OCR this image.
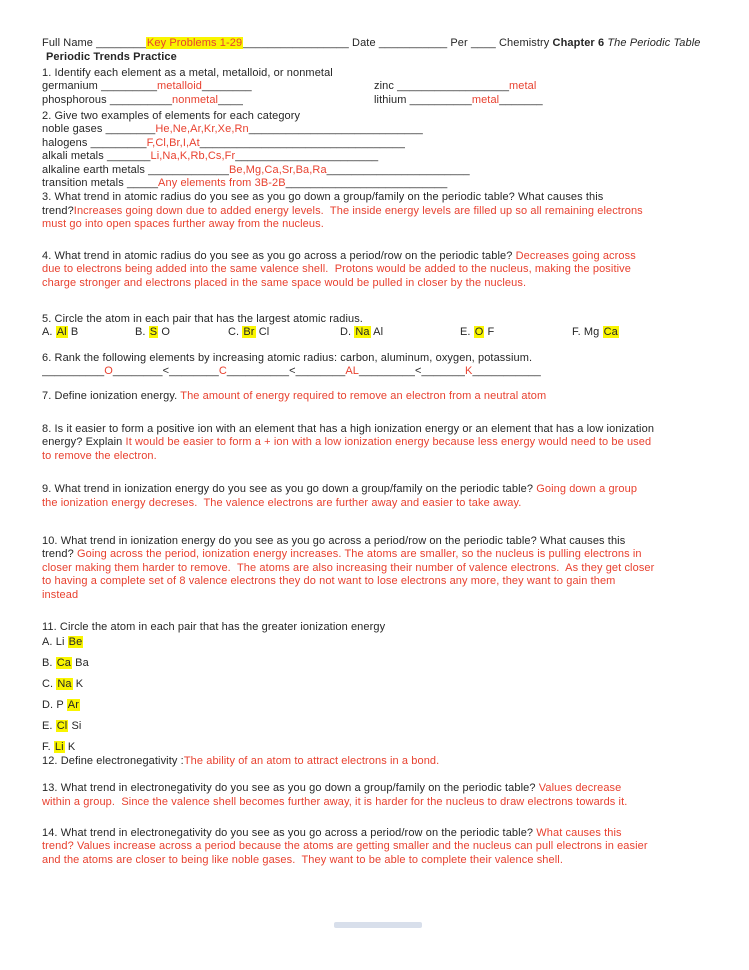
Full Name ________Key Problems 1-29_________________ Date ___________ Per ____ Chemistry Chapter 6 The Periodic Table
Periodic Trends Practice
1. Identify each element as a metal, metalloid, or nonmetal
germanium _________metalloid________	zinc __________________metal
phosphorous __________nonmetal____	lithium __________metal_______
2. Give two examples of elements for each category
noble gases ________He,Ne,Ar,Kr,Xe,Rn____________________________
halogens _________F,Cl,Br,I,At_________________________________
alkali metals _______Li,Na,K,Rb,Cs,Fr_______________________
alkaline earth metals _____________Be,Mg,Ca,Sr,Ba,Ra_______________________
transition metals _____Any elements from 3B-2B__________________________
3. What trend in atomic radius do you see as you go down a group/family on the periodic table? What causes this
trend?Increases going down due to added energy levels.  The inside energy levels are filled up so all remaining electrons
must go into open spaces further away from the nucleus.
4. What trend in atomic radius do you see as you go across a period/row on the periodic table? Decreases going across
due to electrons being added into the same valence shell.  Protons would be added to the nucleus, making the positive
charge stronger and electrons placed in the same space would be pulled in closer by the nucleus.
5. Circle the atom in each pair that has the largest atomic radius.
A. Al B	B. S O	C. Br Cl	D. Na Al	E. O F	F. Mg Ca
6. Rank the following elements by increasing atomic radius: carbon, aluminum, oxygen, potassium.
__________O________<________C__________<________AL_________<_______K___________
7. Define ionization energy. The amount of energy required to remove an electron from a neutral atom
8. Is it easier to form a positive ion with an element that has a high ionization energy or an element that has a low ionization
energy? Explain It would be easier to form a + ion with a low ionization energy because less energy would need to be used
to remove the electron.
9. What trend in ionization energy do you see as you go down a group/family on the periodic table? Going down a group
the ionization energy decreses.  The valence electrons are further away and easier to take away.
10. What trend in ionization energy do you see as you go across a period/row on the periodic table? What causes this
trend? Going across the period, ionization energy increases. The atoms are smaller, so the nucleus is pulling electrons in
closer making them harder to remove.  The atoms are also increasing their number of valence electrons.  As they get closer
to having a complete set of 8 valence electrons they do not want to lose electrons any more, they want to gain them
instead
11. Circle the atom in each pair that has the greater ionization energy
A. Li Be
B. Ca Ba
C. Na K
D. P Ar
E. Cl Si
F. Li K
12. Define electronegativity :The ability of an atom to attract electrons in a bond.
13. What trend in electronegativity do you see as you go down a group/family on the periodic table? Values decrease
within a group.  Since the valence shell becomes further away, it is harder for the nucleus to draw electrons towards it.
14. What trend in electronegativity do you see as you go across a period/row on the periodic table? What causes this
trend? Values increase across a period because the atoms are getting smaller and the nucleus can pull electrons in easier
and the atoms are closer to being like noble gases.  They want to be able to complete their valence shell.
